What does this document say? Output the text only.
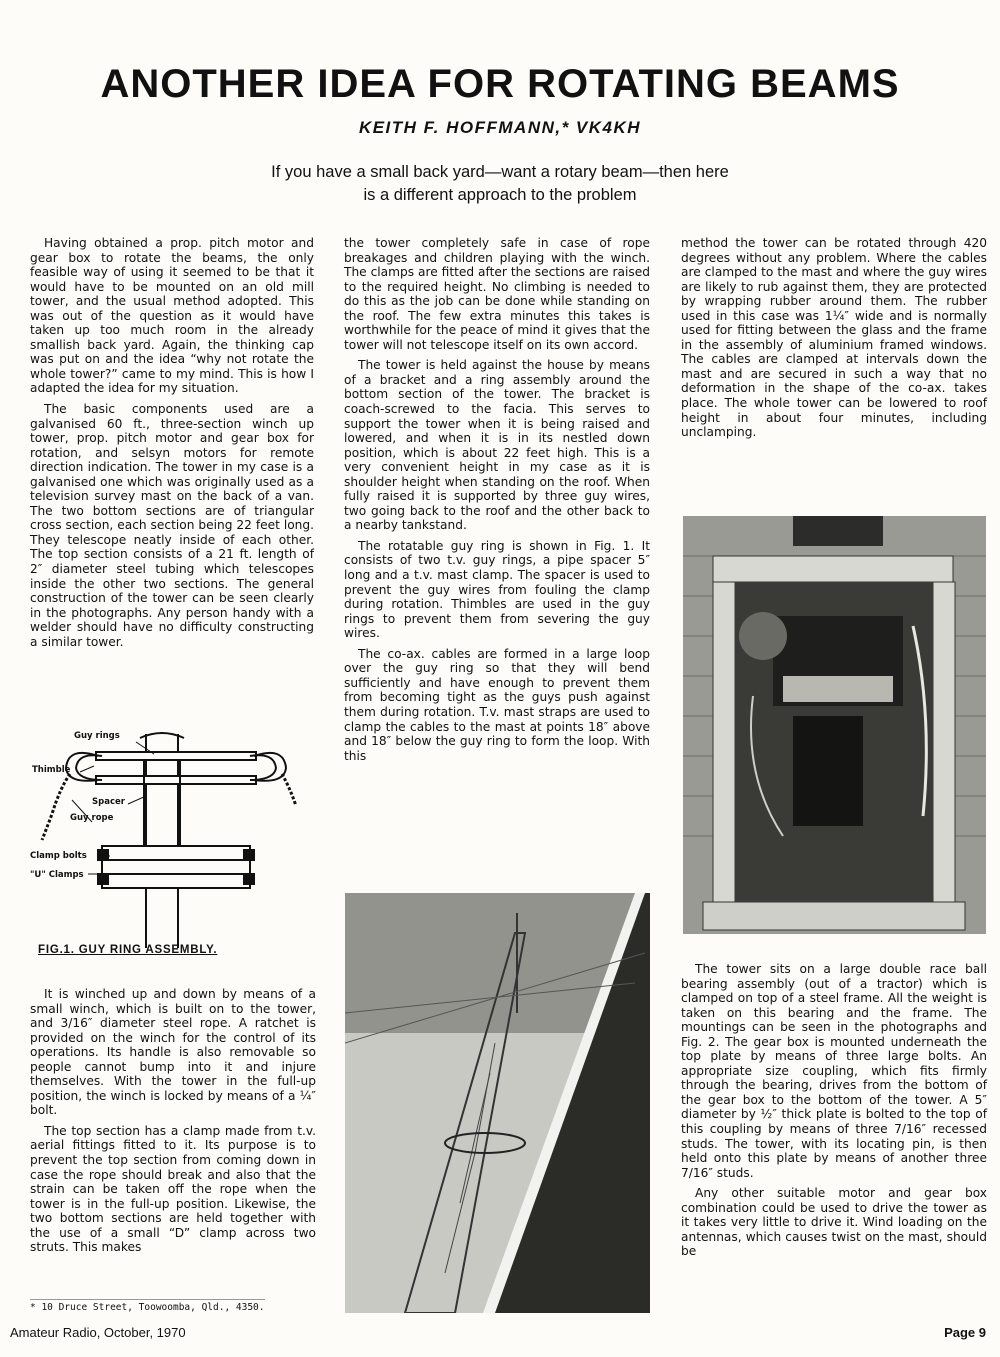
ANOTHER IDEA FOR ROTATING BEAMS
KEITH F. HOFFMANN,* VK4KH
If you have a small back yard—want a rotary beam—then here
is a different approach to the problem

Having obtained a prop. pitch motor and gear box to rotate the beams, the only feasible way of using it seemed to be that it would have to be mounted on an old mill tower, and the usual method adopted. This was out of the question as it would have taken up too much room in the already smallish back yard. Again, the thinking cap was put on and the idea “why not rotate the whole tower?” came to my mind. This is how I adapted the idea for my situation.

The basic components used are a galvanised 60 ft., three-section winch up tower, prop. pitch motor and gear box for rotation, and selsyn motors for remote direction indication. The tower in my case is a galvanised one which was originally used as a television survey mast on the back of a van. The two bottom sections are of triangular cross section, each section being 22 feet long. They telescope neatly inside of each other. The top section consists of a 21 ft. length of 2″ diameter steel tubing which telescopes inside the other two sections. The general construction of the tower can be seen clearly in the photographs. Any person handy with a welder should have no difficulty constructing a similar tower.

Guy rings
Thimble
Spacer
Guy rope
Clamp bolts
"U" Clamps
FIG.1. GUY RING ASSEMBLY.

It is winched up and down by means of a small winch, which is built on to the tower, and 3/16″ diameter steel rope. A ratchet is provided on the winch for the control of its operations. Its handle is also removable so people cannot bump into it and injure themselves. With the tower in the full-up position, the winch is locked by means of a ¼″ bolt.

The top section has a clamp made from t.v. aerial fittings fitted to it. Its purpose is to prevent the top section from coming down in case the rope should break and also that the strain can be taken off the rope when the tower is in the full-up position. Likewise, the two bottom sections are held together with the use of a small “D” clamp across two struts. This makes

the tower completely safe in case of rope breakages and children playing with the winch. The clamps are fitted after the sections are raised to the required height. No climbing is needed to do this as the job can be done while standing on the roof. The few extra minutes this takes is worthwhile for the peace of mind it gives that the tower will not telescope itself on its own accord.

The tower is held against the house by means of a bracket and a ring assembly around the bottom section of the tower. The bracket is coach-screwed to the facia. This serves to support the tower when it is being raised and lowered, and when it is in its nestled down position, which is about 22 feet high. This is a very convenient height in my case as it is shoulder height when standing on the roof. When fully raised it is supported by three guy wires, two going back to the roof and the other back to a nearby tankstand.

The rotatable guy ring is shown in Fig. 1. It consists of two t.v. guy rings, a pipe spacer 5″ long and a t.v. mast clamp. The spacer is used to prevent the guy wires from fouling the clamp during rotation. Thimbles are used in the guy rings to prevent them from severing the guy wires.

The co-ax. cables are formed in a large loop over the guy ring so that they will bend sufficiently and have enough to prevent them from becoming tight as the guys push against them during rotation. T.v. mast straps are used to clamp the cables to the mast at points 18″ above and 18″ below the guy ring to form the loop. With this

method the tower can be rotated through 420 degrees without any problem. Where the cables are clamped to the mast and where the guy wires are likely to rub against them, they are protected by wrapping rubber around them. The rubber used in this case was 1¼″ wide and is normally used for fitting between the glass and the frame in the assembly of aluminium framed windows. The cables are clamped at intervals down the mast and are secured in such a way that no deformation in the shape of the co-ax. takes place. The whole tower can be lowered to roof height in about four minutes, including unclamping.

The tower sits on a large double race ball bearing assembly (out of a tractor) which is clamped on top of a steel frame. All the weight is taken on this bearing and the frame. The mountings can be seen in the photographs and Fig. 2. The gear box is mounted underneath the top plate by means of three large bolts. An appropriate size coupling, which fits firmly through the bearing, drives from the bottom of the gear box to the bottom of the tower. A 5″ diameter by ½″ thick plate is bolted to the top of this coupling by means of three 7/16″ recessed studs. The tower, with its locating pin, is then held onto this plate by means of another three 7/16″ studs.

Any other suitable motor and gear box combination could be used to drive the tower as it takes very little to drive it. Wind loading on the antennas, which causes twist on the mast, should be

* 10 Druce Street, Toowoomba, Qld., 4350.
Amateur Radio, October, 1970	Page 9
